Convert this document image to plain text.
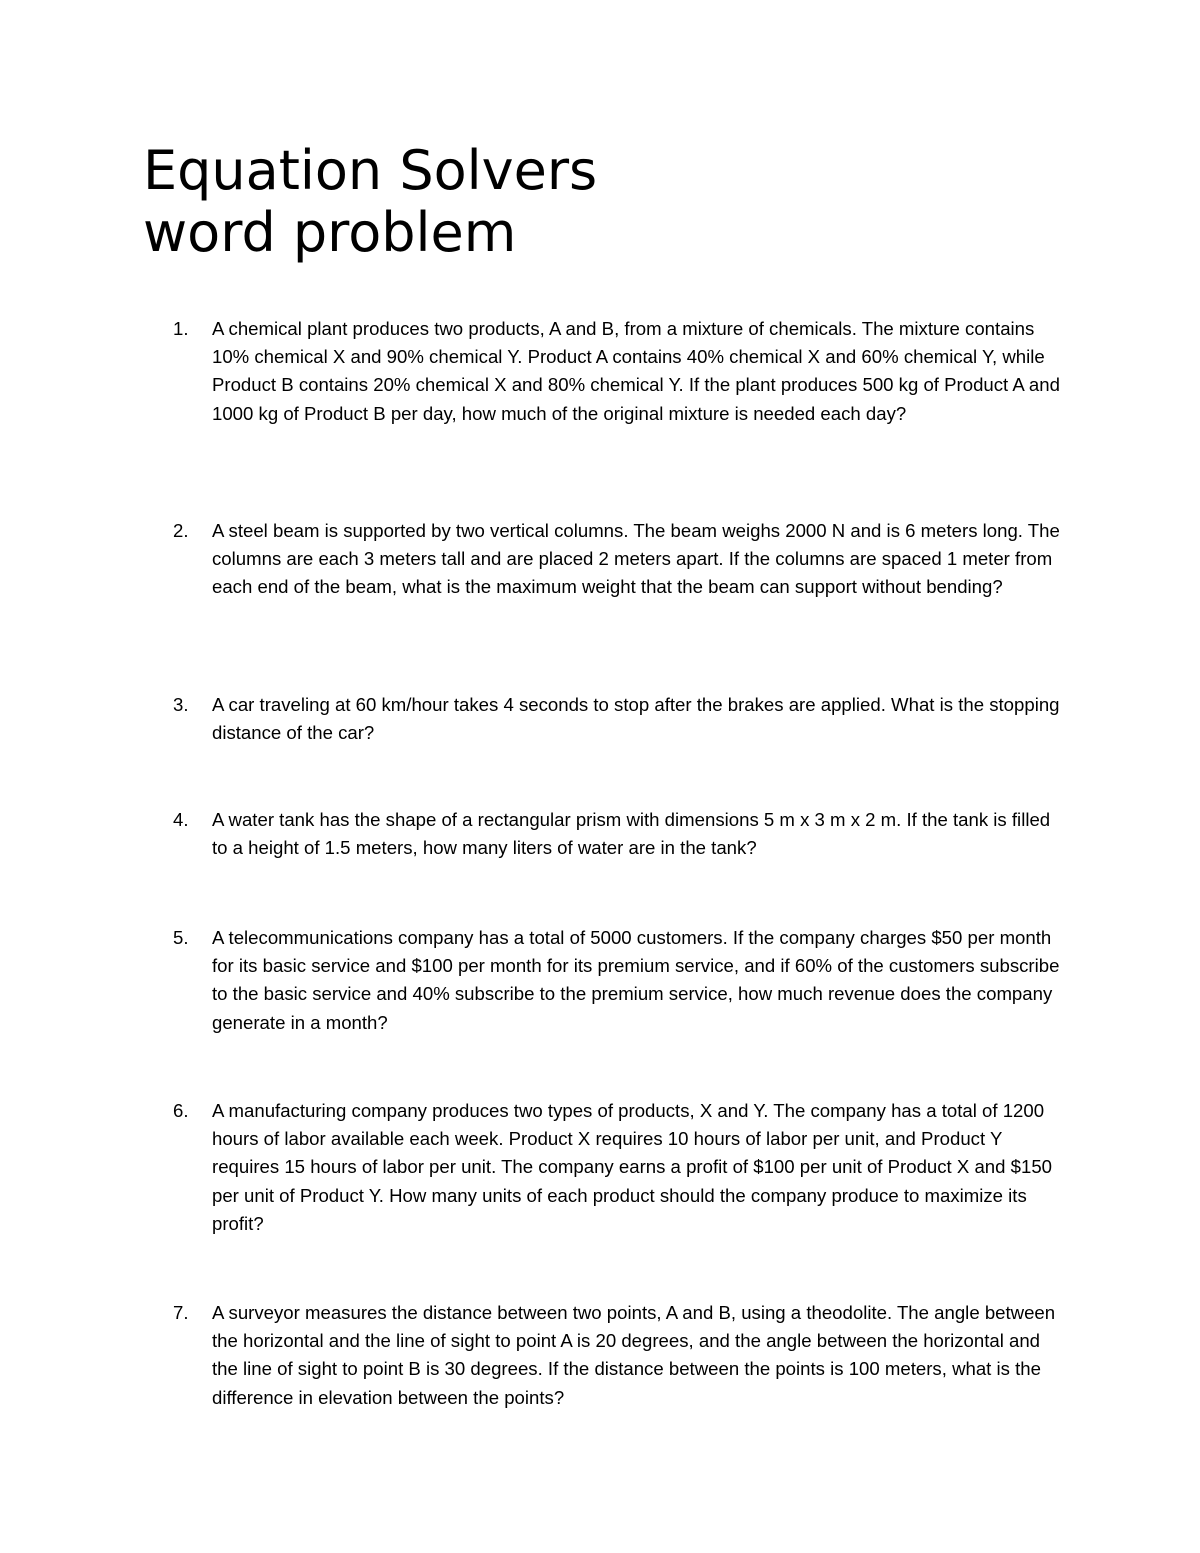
Equation Solvers
word problem
1.	A chemical plant produces two products, A and B, from a mixture of chemicals. The mixture contains 10% chemical X and 90% chemical Y. Product A contains 40% chemical X and 60% chemical Y, while Product B contains 20% chemical X and 80% chemical Y. If the plant produces 500 kg of Product A and 1000 kg of Product B per day, how much of the original mixture is needed each day?

2.	A steel beam is supported by two vertical columns. The beam weighs 2000 N and is 6 meters long. The columns are each 3 meters tall and are placed 2 meters apart. If the columns are spaced 1 meter from each end of the beam, what is the maximum weight that the beam can support without bending?

3.	A car traveling at 60 km/hour takes 4 seconds to stop after the brakes are applied. What is the stopping distance of the car?

4.	A water tank has the shape of a rectangular prism with dimensions 5 m x 3 m x 2 m. If the tank is filled to a height of 1.5 meters, how many liters of water are in the tank?

5.	A telecommunications company has a total of 5000 customers. If the company charges $50 per month for its basic service and $100 per month for its premium service, and if 60% of the customers subscribe to the basic service and 40% subscribe to the premium service, how much revenue does the company generate in a month?

6.	A manufacturing company produces two types of products, X and Y. The company has a total of 1200 hours of labor available each week. Product X requires 10 hours of labor per unit, and Product Y requires 15 hours of labor per unit. The company earns a profit of $100 per unit of Product X and $150 per unit of Product Y. How many units of each product should the company produce to maximize its profit?

7.	A surveyor measures the distance between two points, A and B, using a theodolite. The angle between the horizontal and the line of sight to point A is 20 degrees, and the angle between the horizontal and the line of sight to point B is 30 degrees. If the distance between the points is 100 meters, what is the difference in elevation between the points?
